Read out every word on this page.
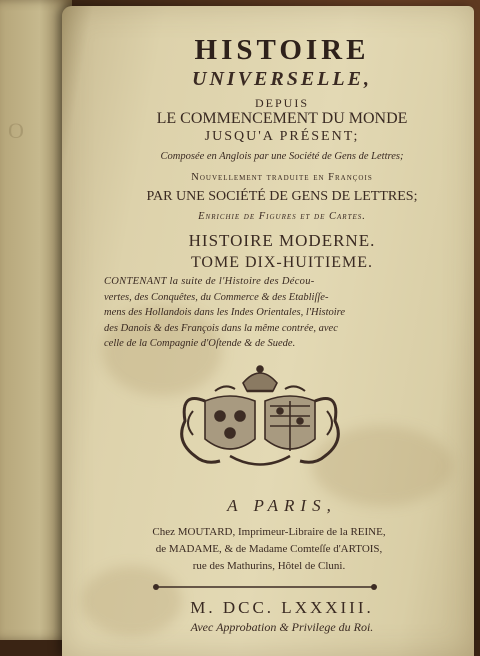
O

HISTOIRE

UNIVERSELLE,

DEPUIS

LE COMMENCEMENT DU MONDE

JUSQU'A PRÉSENT;

Composée en Anglois par une Société de Gens de Lettres;

Nouvellement traduite en François

PAR UNE SOCIÉTÉ DE GENS DE LETTRES;

Enrichie de Figures et de Cartes.

HISTOIRE MODERNE.

TOME DIX-HUITIEME.

CONTENANT la suite de l'Histoire des Décou-
vertes, des Conquêtes, du Commerce & des Etabliſſe-
mens des Hollandois dans les Indes Orientales, l'Histoire
des Danois & des François dans la même contrée, avec
celle de la Compagnie d'Oſtende & de Suede.

A PARIS,

Chez MOUTARD, Imprimeur-Libraire de la REINE,
de MADAME, & de Madame Comteſſe d'ARTOIS,
rue des Mathurins, Hôtel de Cluni.

M. DCC. LXXXIII.

Avec Approbation & Privilege du Roi.
